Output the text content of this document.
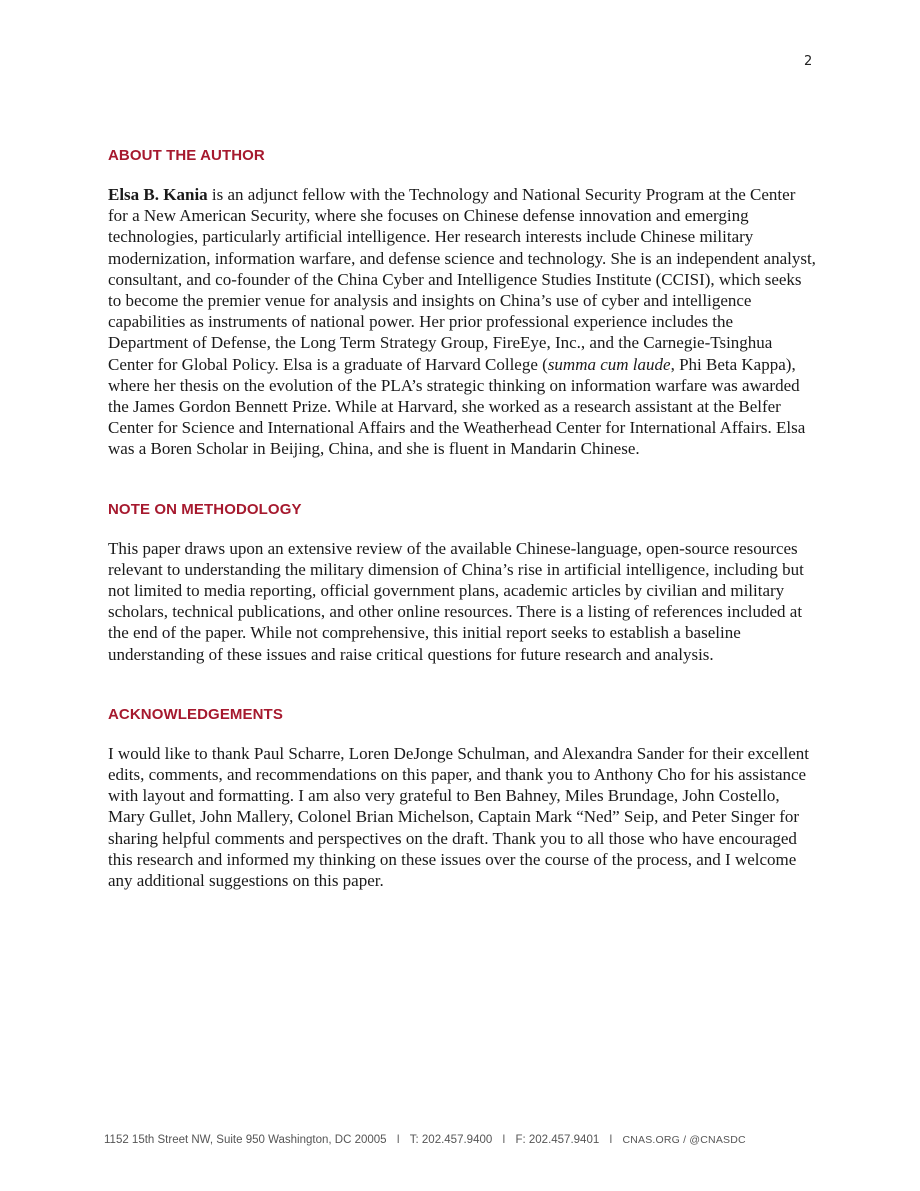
2
ABOUT THE AUTHOR

Elsa B. Kania is an adjunct fellow with the Technology and National Security Program at the Center for a New American Security, where she focuses on Chinese defense innovation and emerging technologies, particularly artificial intelligence. Her research interests include Chinese military modernization, information warfare, and defense science and technology. She is an independent analyst, consultant, and co-founder of the China Cyber and Intelligence Studies Institute (CCISI), which seeks to become the premier venue for analysis and insights on China’s use of cyber and intelligence capabilities as instruments of national power. Her prior professional experience includes the Department of Defense, the Long Term Strategy Group, FireEye, Inc., and the Carnegie-Tsinghua Center for Global Policy. Elsa is a graduate of Harvard College (summa cum laude, Phi Beta Kappa), where her thesis on the evolution of the PLA’s strategic thinking on information warfare was awarded the James Gordon Bennett Prize. While at Harvard, she worked as a research assistant at the Belfer Center for Science and International Affairs and the Weatherhead Center for International Affairs. Elsa was a Boren Scholar in Beijing, China, and she is fluent in Mandarin Chinese.

NOTE ON METHODOLOGY

This paper draws upon an extensive review of the available Chinese-language, open-source resources relevant to understanding the military dimension of China’s rise in artificial intelligence, including but not limited to media reporting, official government plans, academic articles by civilian and military scholars, technical publications, and other online resources. There is a listing of references included at the end of the paper. While not comprehensive, this initial report seeks to establish a baseline understanding of these issues and raise critical questions for future research and analysis.

ACKNOWLEDGEMENTS

I would like to thank Paul Scharre, Loren DeJonge Schulman, and Alexandra Sander for their excellent edits, comments, and recommendations on this paper, and thank you to Anthony Cho for his assistance with layout and formatting. I am also very grateful to Ben Bahney, Miles Brundage, John Costello, Mary Gullet, John Mallery, Colonel Brian Michelson, Captain Mark “Ned” Seip, and Peter Singer for sharing helpful comments and perspectives on the draft. Thank you to all those who have encouraged this research and informed my thinking on these issues over the course of the process, and I welcome any additional suggestions on this paper.

1152 15th Street NW, Suite 950 Washington, DC 20005 I T: 202.457.9400 I F: 202.457.9401 I CNAS.ORG / @CNASDC
